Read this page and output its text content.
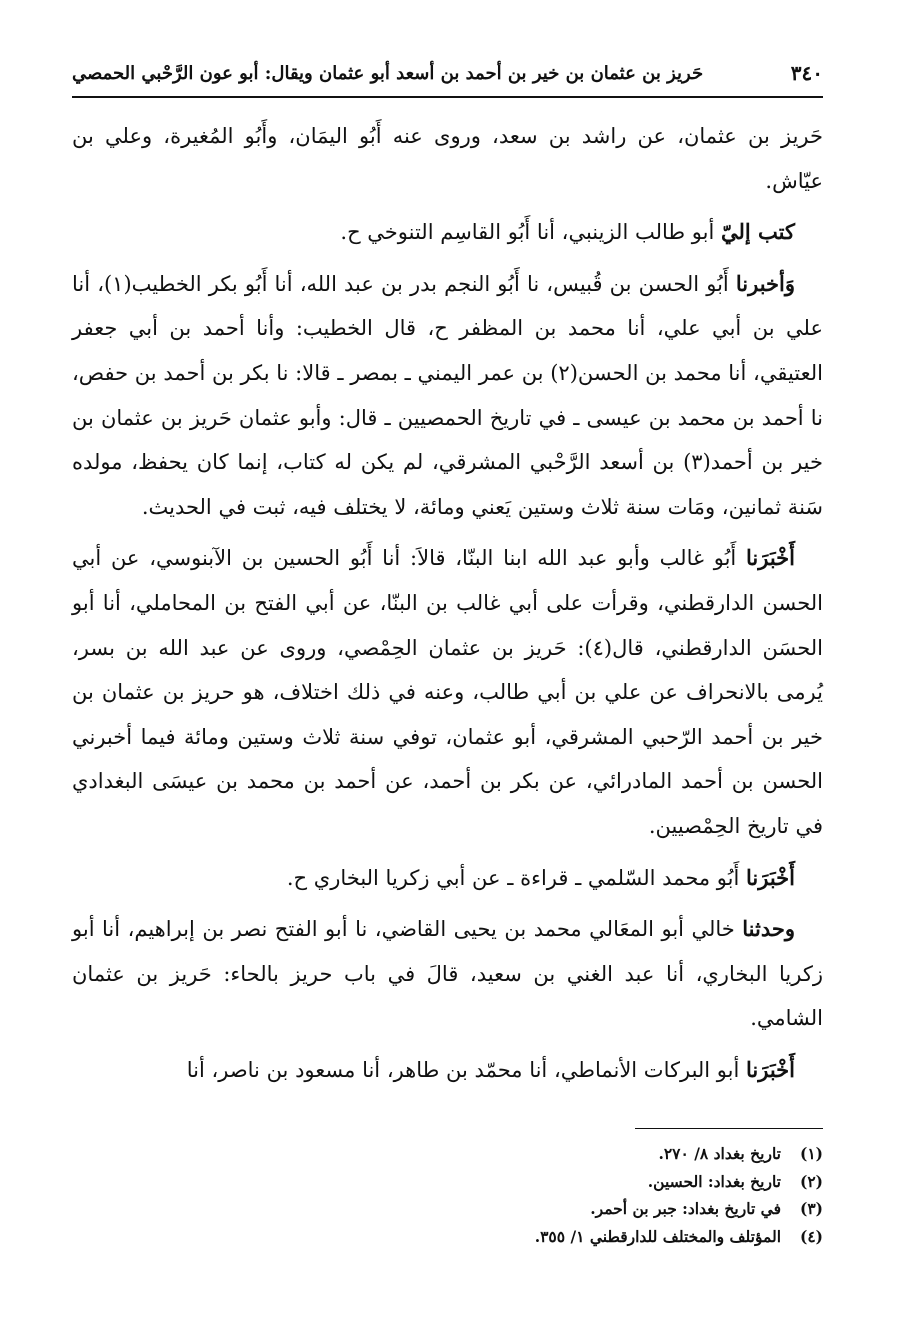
٣٤٠
حَريز بن عثمان بن خير بن أحمد بن أسعد أبو عثمان ويقال: أبو عون الرَّحْبي الحمصي

حَريز بن عثمان، عن راشد بن سعد، وروى عنه أَبُو اليمَان، وأَبُو المُغيرة، وعلي بن عيّاش.

كتب إليّ أبو طالب الزينبي، أنا أَبُو القاسِم التنوخي ح.

وَأخبرنا أَبُو الحسن بن قُبيس، نا أَبُو النجم بدر بن عبد الله، أنا أَبُو بكر الخطيب(١)، أنا علي بن أبي علي، أنا محمد بن المظفر ح، قال الخطيب: وأنا أحمد بن أبي جعفر العتيقي، أنا محمد بن الحسن(٢) بن عمر اليمني ـ بمصر ـ قالا: نا بكر بن أحمد بن حفص، نا أحمد بن محمد بن عيسى ـ في تاريخ الحمصيين ـ قال: وأبو عثمان حَريز بن عثمان بن خير بن أحمد(٣) بن أسعد الرَّحْبي المشرقي، لم يكن له كتاب، إنما كان يحفظ، مولده سَنة ثمانين، ومَات سنة ثلاث وستين يَعني ومائة، لا يختلف فيه، ثبت في الحديث.

أَخْبَرَنا أَبُو غالب وأبو عبد الله ابنا البنّا، قالاَ: أنا أَبُو الحسين بن الآبنوسي، عن أبي الحسن الدارقطني، وقرأت على أبي غالب بن البنّا، عن أبي الفتح بن المحاملي، أنا أبو الحسَن الدارقطني، قال(٤): حَريز بن عثمان الحِمْصي، وروى عن عبد الله بن بسر، يُرمى بالانحراف عن علي بن أبي طالب، وعنه في ذلك اختلاف، هو حريز بن عثمان بن خير بن أحمد الرّحبي المشرقي، أبو عثمان، توفي سنة ثلاث وستين ومائة فيما أخبرني الحسن بن أحمد المادرائي، عن بكر بن أحمد، عن أحمد بن محمد بن عيسَى البغدادي في تاريخ الحِمْصيين.

أَخْبَرَنا أَبُو محمد السّلمي ـ قراءة ـ عن أبي زكريا البخاري ح.

وحدثنا خالي أبو المعَالي محمد بن يحيى القاضي، نا أبو الفتح نصر بن إبراهيم، أنا أبو زكريا البخاري، أنا عبد الغني بن سعيد، قالَ في باب حريز بالحاء: حَريز بن عثمان الشامي.

أَخْبَرَنا أبو البركات الأنماطي، أنا محمّد بن طاهر، أنا مسعود بن ناصر، أنا

(١)
تاريخ بغداد ٨/ ٢٧٠.
(٢)
تاريخ بغداد: الحسين.
(٣)
في تاريخ بغداد: جبر بن أحمر.
(٤)
المؤتلف والمختلف للدارقطني ١/ ٣٥٥.
